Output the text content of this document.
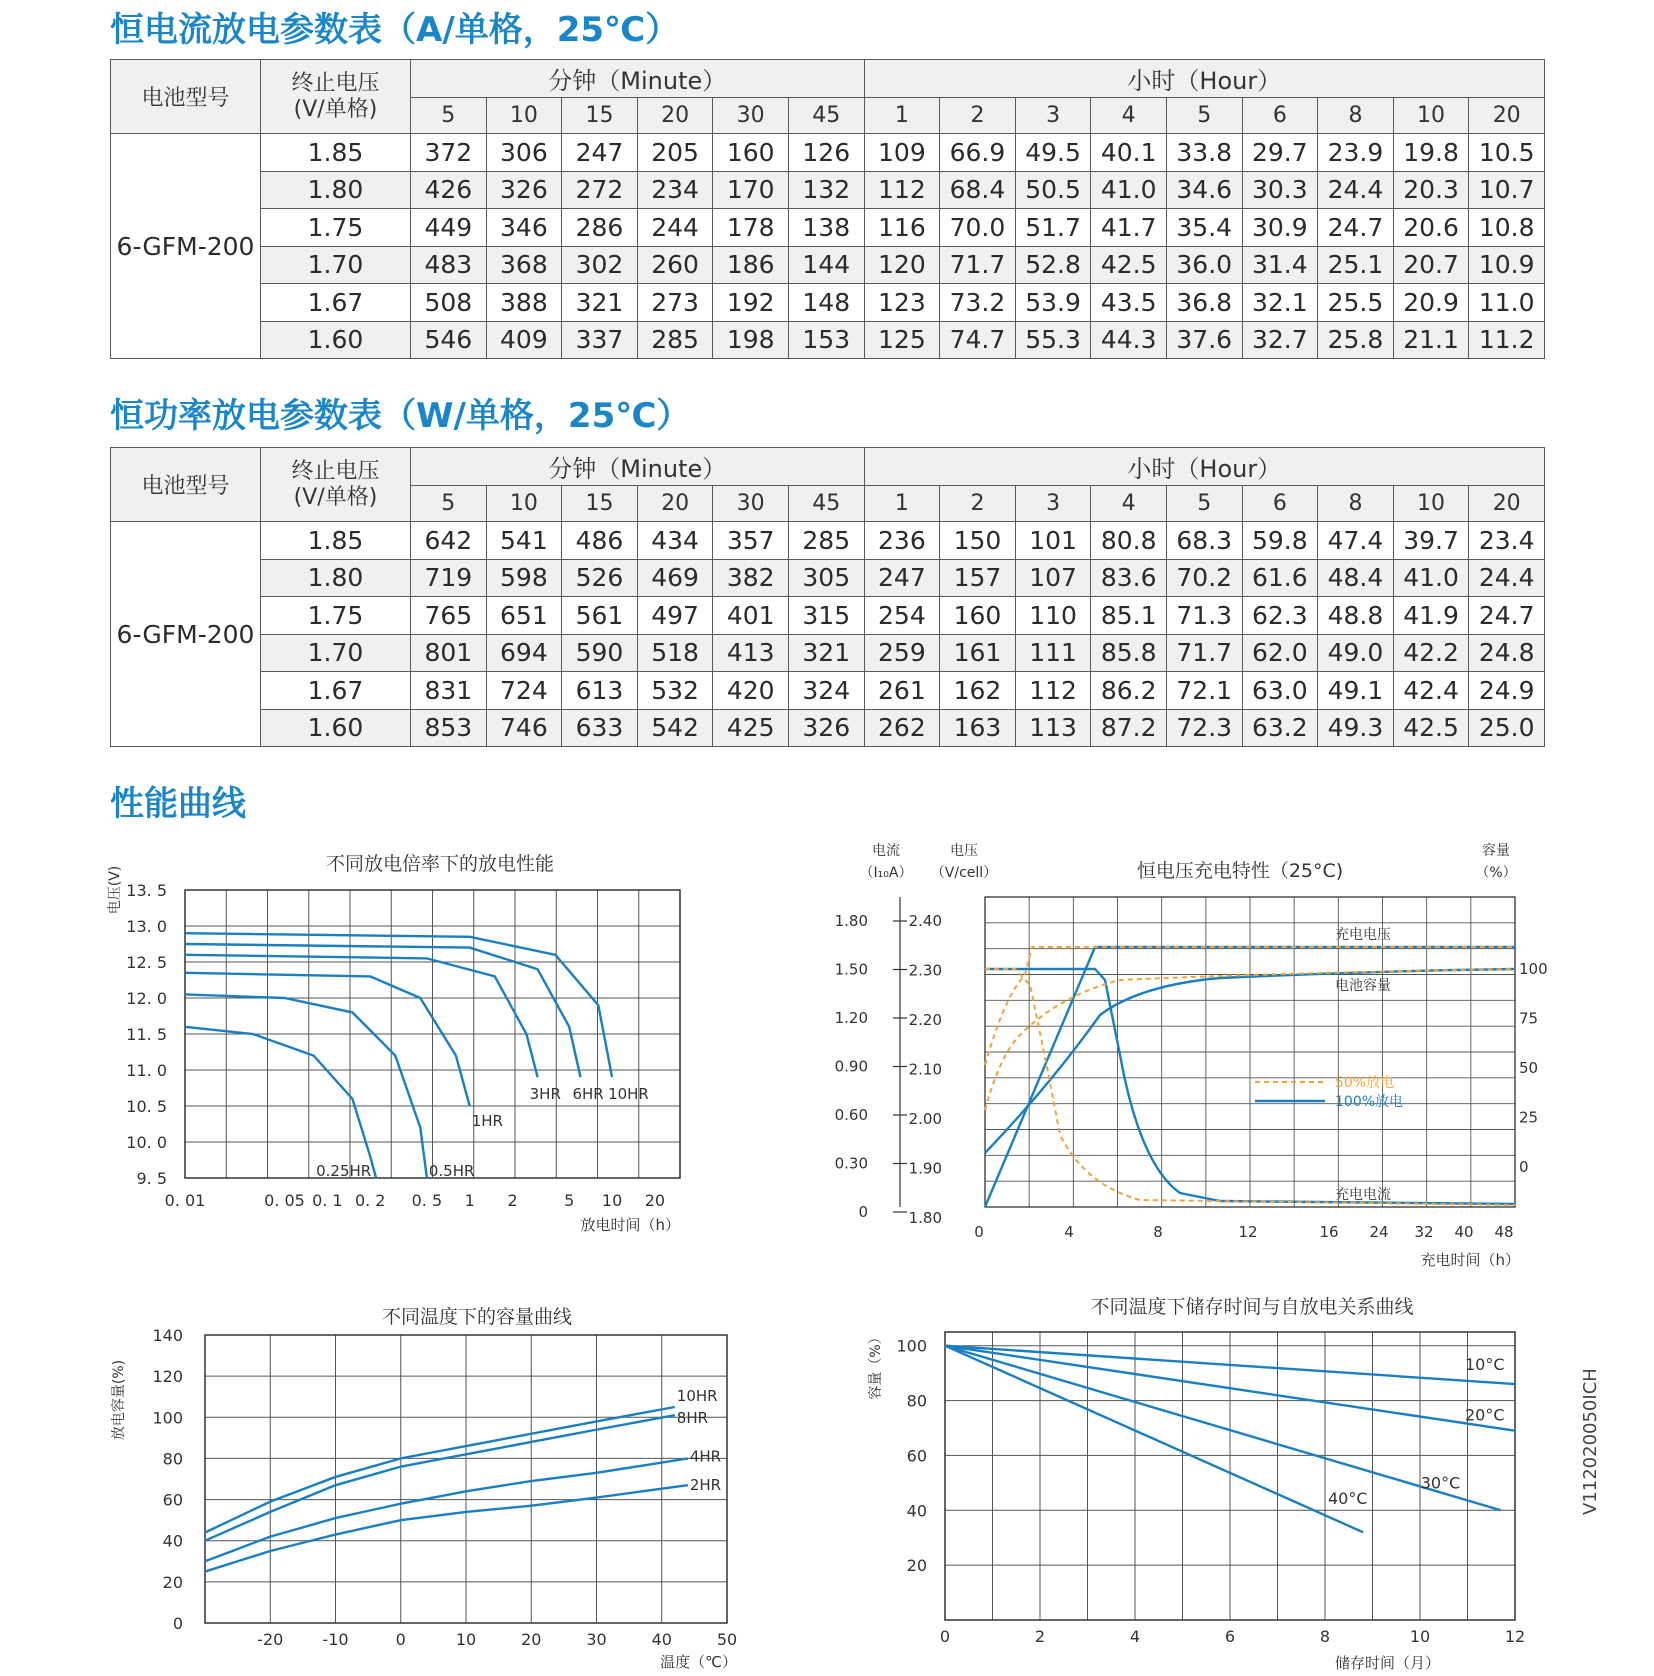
恒电流放电参数表（A/单格，25℃）
恒功率放电参数表（W/单格，25℃）
性能曲线
电池型号	终止电压
(V/单格)	分钟（Minute）						小时（Hour）								
		5	10	15	20	30	45	1	2	3	4	5	6	8	10	20
6-GFM-200	1.85	372	306	247	205	160	126	109	66.9	49.5	40.1	33.8	29.7	23.9	19.8	10.5
	1.80	426	326	272	234	170	132	112	68.4	50.5	41.0	34.6	30.3	24.4	20.3	10.7
	1.75	449	346	286	244	178	138	116	70.0	51.7	41.7	35.4	30.9	24.7	20.6	10.8
	1.70	483	368	302	260	186	144	120	71.7	52.8	42.5	36.0	31.4	25.1	20.7	10.9
	1.67	508	388	321	273	192	148	123	73.2	53.9	43.5	36.8	32.1	25.5	20.9	11.0
	1.60	546	409	337	285	198	153	125	74.7	55.3	44.3	37.6	32.7	25.8	21.1	11.2
电池型号	终止电压
(V/单格)	分钟（Minute）						小时（Hour）								
		5	10	15	20	30	45	1	2	3	4	5	6	8	10	20
6-GFM-200	1.85	642	541	486	434	357	285	236	150	101	80.8	68.3	59.8	47.4	39.7	23.4
	1.80	719	598	526	469	382	305	247	157	107	83.6	70.2	61.6	48.4	41.0	24.4
	1.75	765	651	561	497	401	315	254	160	110	85.1	71.3	62.3	48.8	41.9	24.7
	1.70	801	694	590	518	413	321	259	161	111	85.8	71.7	62.0	49.0	42.2	24.8
	1.67	831	724	613	532	420	324	261	162	112	86.2	72.1	63.0	49.1	42.4	24.9
	1.60	853	746	633	542	425	326	262	163	113	87.2	72.3	63.2	49.3	42.5	25.0
不同放电倍率下的放电性能
电压(V) 13. 5
13. 0
12. 5
12. 0
11. 5
11. 0
10. 5
10. 0
9. 5
0. 01	0. 05 0. 1 0. 2 0. 5 1 2	5 10 20
放电时间（h）
0.25HR	0.5HR
1HR
3HR 6HR 10HR
恒电压充电特性（25°C)
电流
（I₁₀A）
电压
（V/cell）
容量
（%）
1.80
1.50
1.20
0.90
0.60
0.30
0
2.40
2.30
2.20
2.10
2.00
1.90
1.80
100
75
50
25
0
0	4	8	12	16 24 32 40 48
充电时间（h）
充电电压
电池容量
充电电流
50%放电
100%放电
不同温度下的容量曲线
放电容量(%)
140
120
100
80
60
40
20
0
-20 -10	0	10	20	30	40	50
温度（℃）
10HR
8HR
4HR
2HR
不同温度下储存时间与自放电关系曲线
容量（%） 100
80
60
40
20
0	2	4	6	8	10	12
储存时间（月）
10°C
20°C
30°C
40°C	V112020050ICH
